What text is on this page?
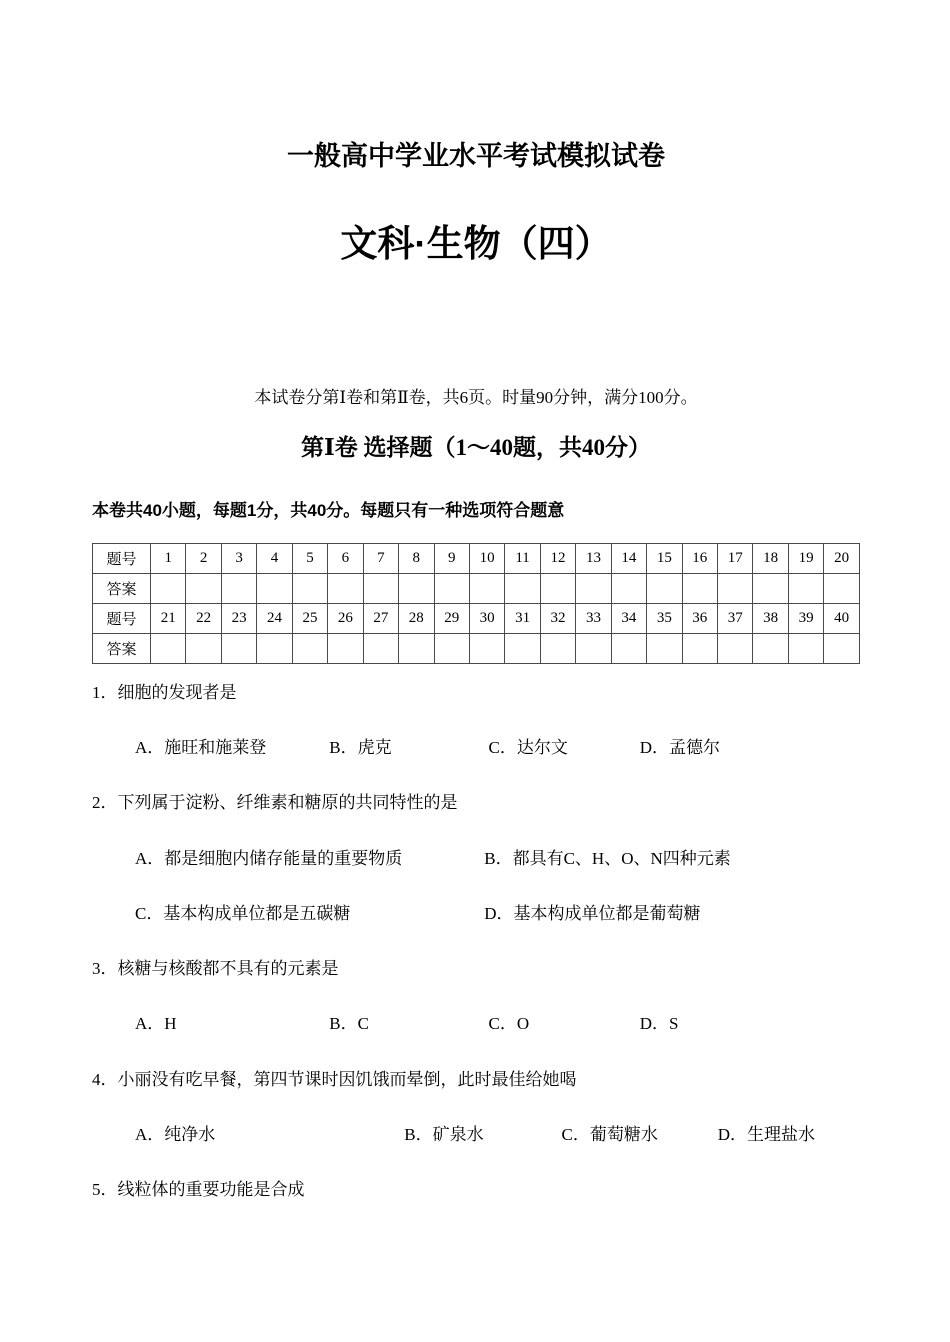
一般高中学业水平考试模拟试卷
文科·生物（四）

本试卷分第Ⅰ卷和第Ⅱ卷，共6页。时量90分钟，满分100分。

第Ⅰ卷 选择题（1～40题，共40分）

本卷共40小题，每题1分，共40分。每题只有一种选项符合题意

题号	1	2	3	4	5	6	7	8	9	10	11	12	13	14	15	16	17	18	19	20
答案																				
题号	21	22	23	24	25	26	27	28	29	30	31	32	33	34	35	36	37	38	39	40
答案																				

1．细胞的发现者是

A．施旺和施莱登	B．虎克	C．达尔文	D．孟德尔

2．下列属于淀粉、纤维素和糖原的共同特性的是

A．都是细胞内储存能量的重要物质	B．都具有C、H、O、N四种元素
C．基本构成单位都是五碳糖	D．基本构成单位都是葡萄糖

3．核糖与核酸都不具有的元素是

A．H	B．C	C．O	D．S

4．小丽没有吃早餐，第四节课时因饥饿而晕倒，此时最佳给她喝

A．纯净水	B．矿泉水	C．葡萄糖水	D．生理盐水

5．线粒体的重要功能是合成
